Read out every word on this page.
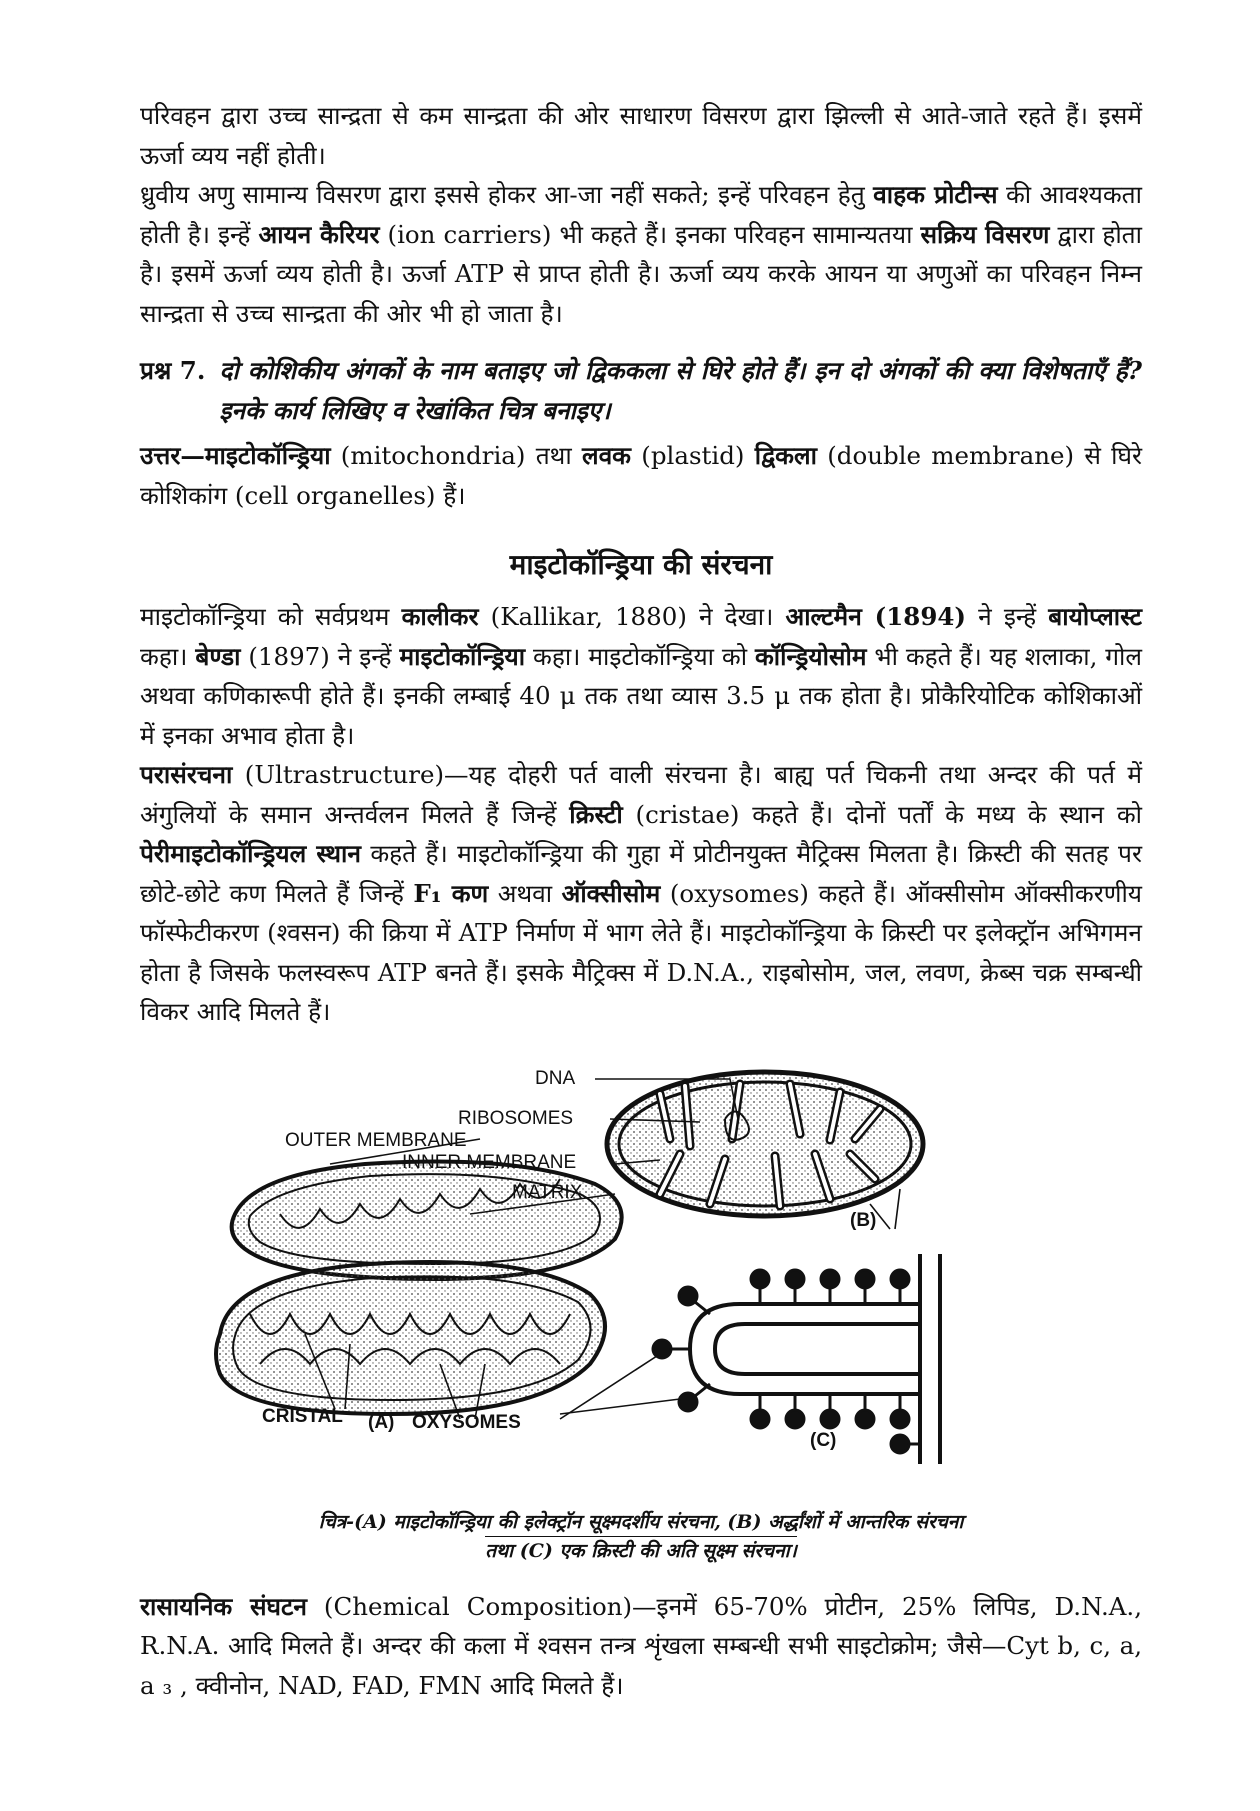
परिवहन द्वारा उच्च सान्द्रता से कम सान्द्रता की ओर साधारण विसरण द्वारा झिल्ली से आते-जाते रहते हैं। इसमें ऊर्जा व्यय नहीं होती।

ध्रुवीय अणु सामान्य विसरण द्वारा इससे होकर आ-जा नहीं सकते; इन्हें परिवहन हेतु वाहक प्रोटीन्स की आवश्यकता होती है। इन्हें आयन कैरियर (ion carriers) भी कहते हैं। इनका परिवहन सामान्यतया सक्रिय विसरण द्वारा होता है। इसमें ऊर्जा व्यय होती है। ऊर्जा ATP से प्राप्त होती है। ऊर्जा व्यय करके आयन या अणुओं का परिवहन निम्न सान्द्रता से उच्च सान्द्रता की ओर भी हो जाता है।

प्रश्न 7. दो कोशिकीय अंगकों के नाम बताइए जो द्विककला से घिरे होते हैं। इन दो अंगकों की क्या विशेषताएँ हैं? इनके कार्य लिखिए व रेखांकित चित्र बनाइए।

उत्तर—माइटोकॉन्ड्रिया (mitochondria) तथा लवक (plastid) द्विकला (double membrane) से घिरे कोशिकांग (cell organelles) हैं।

माइटोकॉन्ड्रिया की संरचना

माइटोकॉन्ड्रिया को सर्वप्रथम कालीकर (Kallikar, 1880) ने देखा। आल्टमैन (1894) ने इन्हें बायोप्लास्ट कहा। बेण्डा (1897) ने इन्हें माइटोकॉन्ड्रिया कहा। माइटोकॉन्ड्रिया को कॉन्ड्रियोसोम भी कहते हैं। यह शलाका, गोल अथवा कणिकारूपी होते हैं। इनकी लम्बाई 40 μ तक तथा व्यास 3.5 μ तक होता है। प्रोकैरियोटिक कोशिकाओं में इनका अभाव होता है।

परासंरचना (Ultrastructure)—यह दोहरी पर्त वाली संरचना है। बाह्य पर्त चिकनी तथा अन्दर की पर्त में अंगुलियों के समान अन्तर्वलन मिलते हैं जिन्हें क्रिस्टी (cristae) कहते हैं। दोनों पर्तों के मध्य के स्थान को पेरीमाइटोकॉन्ड्रियल स्थान कहते हैं। माइटोकॉन्ड्रिया की गुहा में प्रोटीनयुक्त मैट्रिक्स मिलता है। क्रिस्टी की सतह पर छोटे-छोटे कण मिलते हैं जिन्हें F₁ कण अथवा ऑक्सीसोम (oxysomes) कहते हैं। ऑक्सीसोम ऑक्सीकरणीय फॉस्फेटीकरण (श्वसन) की क्रिया में ATP निर्माण में भाग लेते हैं। माइटोकॉन्ड्रिया के क्रिस्टी पर इलेक्ट्रॉन अभिगमन होता है जिसके फलस्वरूप ATP बनते हैं। इसके मैट्रिक्स में D.N.A., राइबोसोम, जल, लवण, क्रेब्स चक्र सम्बन्धी विकर आदि मिलते हैं।

DNA
RIBOSOMES
OUTER MEMBRANE
INNER MEMBRANE
MATRIX
(B)
CRISTAL (A) OXYSOMES
(C)
चित्र-(A) माइटोकॉन्ड्रिया की इलेक्ट्रॉन सूक्ष्मदर्शीय संरचना, (B) अर्द्धांशों में आन्तरिक संरचना
तथा (C) एक क्रिस्टी की अति सूक्ष्म संरचना।

रासायनिक संघटन (Chemical Composition)—इनमें 65-70% प्रोटीन, 25% लिपिड, D.N.A., R.N.A. आदि मिलते हैं। अन्दर की कला में श्वसन तन्त्र शृंखला सम्बन्धी सभी साइटोक्रोम; जैसे—Cyt b, c, a, a ₃ , क्वीनोन, NAD, FAD, FMN आदि मिलते हैं।
